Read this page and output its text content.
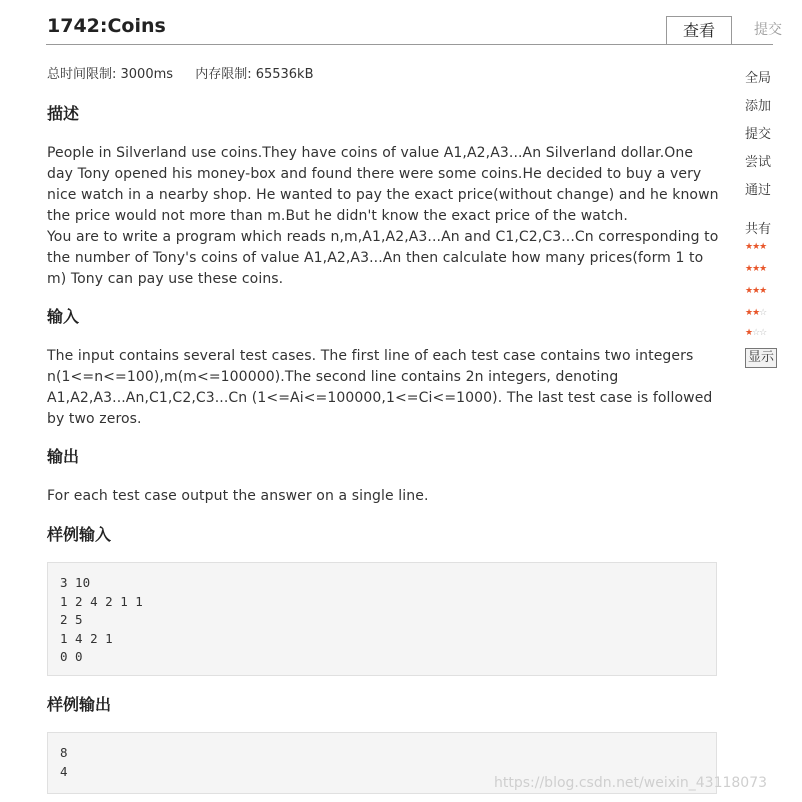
1742:Coins	查看	提交
总时间限制: 3000ms 内存限制: 65536kB
描述

People in Silverland use coins.They have coins of value A1,A2,A3...An Silverland dollar.One day Tony opened his money-box and found there were some coins.He decided to buy a very nice watch in a nearby shop. He wanted to pay the exact price(without change) and he known the price would not more than m.But he didn't know the exact price of the watch.

You are to write a program which reads n,m,A1,A2,A3...An and C1,C2,C3...Cn corresponding to the number of Tony's coins of value A1,A2,A3...An then calculate how many prices(form 1 to m) Tony can pay use these coins.

输入

The input contains several test cases. The first line of each test case contains two integers n(1<=n<=100),m(m<=100000).The second line contains 2n integers, denoting A1,A2,A3...An,C1,C2,C3...Cn (1<=Ai<=100000,1<=Ci<=1000). The last test case is followed by two zeros.

输出

For each test case output the answer on a single line.

样例输入
3 10
1 2 4 2 1 1
2 5
1 4 2 1
0 0
样例输出
8
4
全局
添加
提交
尝试
通过
共有
★★★
★★★
★★★
★★☆
★☆☆
显示
https://blog.csdn.net/weixin_43118073
